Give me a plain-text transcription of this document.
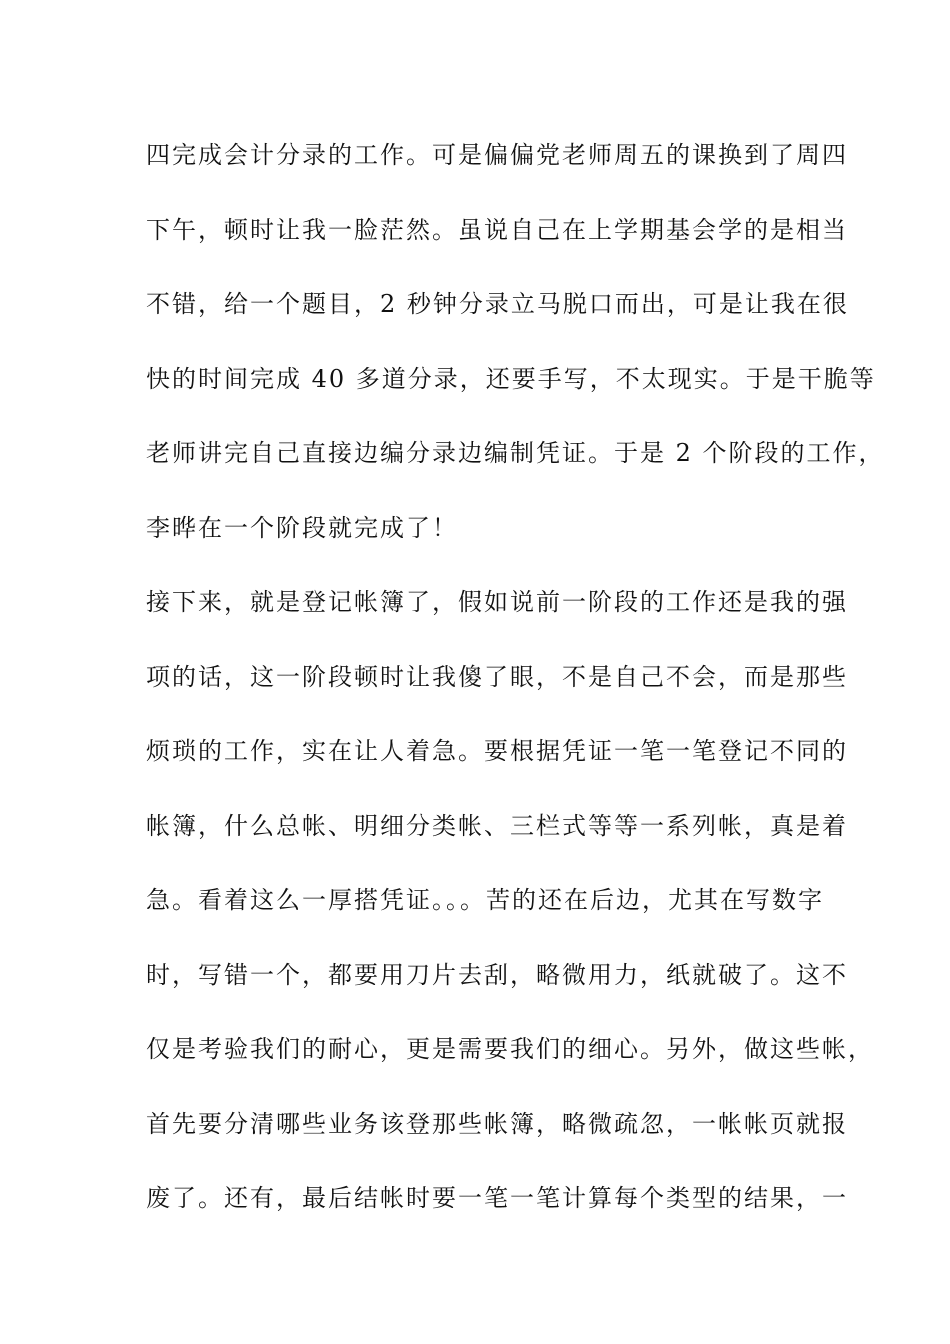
四完成会计分录的工作。可是偏偏党老师周五的课换到了周四
下午，顿时让我一脸茫然。虽说自己在上学期基会学的是相当
不错，给一个题目，2 秒钟分录立马脱口而出，可是让我在很
快的时间完成 40 多道分录，还要手写，不太现实。于是干脆等
老师讲完自己直接边编分录边编制凭证。于是 2 个阶段的工作，
李晔在一个阶段就完成了！
接下来，就是登记帐簿了，假如说前一阶段的工作还是我的强
项的话，这一阶段顿时让我傻了眼，不是自己不会，而是那些
烦琐的工作，实在让人着急。要根据凭证一笔一笔登记不同的
帐簿，什么总帐、明细分类帐、三栏式等等一系列帐，真是着
急。看着这么一厚搭凭证。。。苦的还在后边，尤其在写数字
时，写错一个，都要用刀片去刮，略微用力，纸就破了。这不
仅是考验我们的耐心，更是需要我们的细心。另外，做这些帐，
首先要分清哪些业务该登那些帐簿，略微疏忽，一帐帐页就报
废了。还有，最后结帐时要一笔一笔计算每个类型的结果，一
